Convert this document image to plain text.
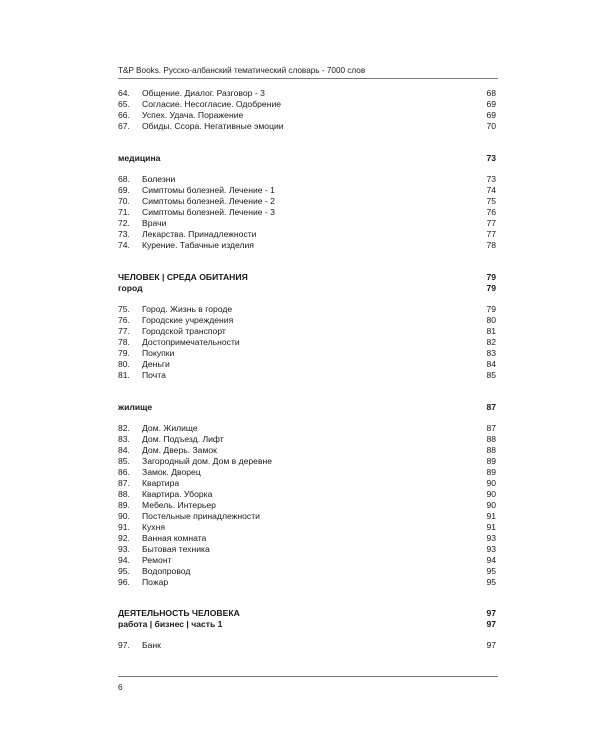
T&P Books. Русско-албанский тематический словарь - 7000 слов
64. Общение. Диалог. Разговор - 3	68
65. Согласие. Несогласие. Одобрение	69
66. Успех. Удача. Поражение	69
67. Обиды. Ссора. Негативные эмоции	70
медицина	73
68. Болезни	73
69. Симптомы болезней. Лечение - 1	74
70. Симптомы болезней. Лечение - 2	75
71. Симптомы болезней. Лечение - 3	76
72. Врачи	77
73. Лекарства. Принадлежности	77
74. Курение. Табачные изделия	78
ЧЕЛОВЕК | СРЕДА ОБИТАНИЯ	79
город	79
75. Город. Жизнь в городе	79
76. Городские учреждения	80
77. Городской транспорт	81
78. Достопримечательности	82
79. Покупки	83
80. Деньги	84
81. Почта	85
жилище	87
82. Дом. Жилище	87
83. Дом. Подъезд. Лифт	88
84. Дом. Дверь. Замок	88
85. Загородный дом. Дом в деревне	89
86. Замок. Дворец	89
87. Квартира	90
88. Квартира. Уборка	90
89. Мебель. Интерьер	90
90. Постельные принадлежности	91
91. Кухня	91
92. Ванная комната	93
93. Бытовая техника	93
94. Ремонт	94
95. Водопровод	95
96. Пожар	95
ДЕЯТЕЛЬНОСТЬ ЧЕЛОВЕКА	97
работа | бизнес | часть 1	97
97. Банк	97
6
